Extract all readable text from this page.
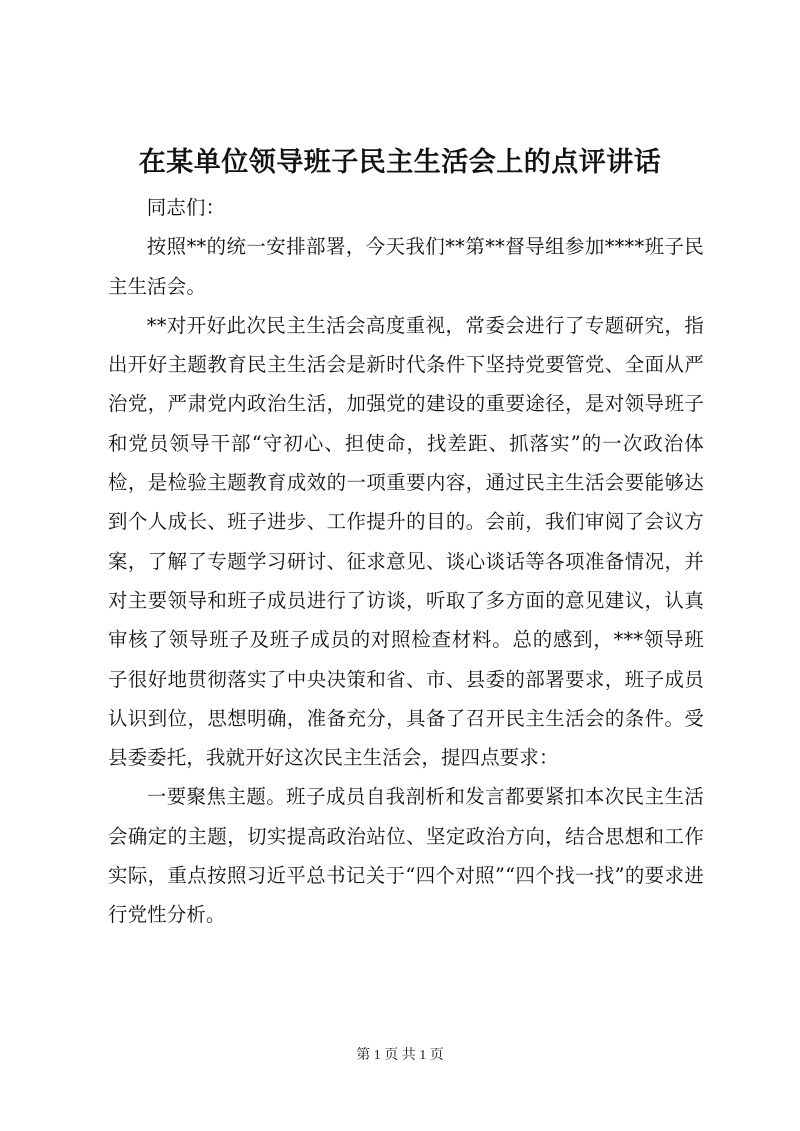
在某单位领导班子民主生活会上的点评讲话

同志们：

按照**的统一安排部署，今天我们**第**督导组参加****班子民主生活会。

**对开好此次民主生活会高度重视，常委会进行了专题研究，指出开好主题教育民主生活会是新时代条件下坚持党要管党、全面从严治党，严肃党内政治生活，加强党的建设的重要途径，是对领导班子和党员领导干部“守初心、担使命，找差距、抓落实”的一次政治体检，是检验主题教育成效的一项重要内容，通过民主生活会要能够达到个人成长、班子进步、工作提升的目的。会前，我们审阅了会议方案，了解了专题学习研讨、征求意见、谈心谈话等各项准备情况，并对主要领导和班子成员进行了访谈，听取了多方面的意见建议，认真审核了领导班子及班子成员的对照检查材料。总的感到，***领导班子很好地贯彻落实了中央决策和省、市、县委的部署要求，班子成员认识到位，思想明确，准备充分，具备了召开民主生活会的条件。受县委委托，我就开好这次民主生活会，提四点要求：

一要聚焦主题。班子成员自我剖析和发言都要紧扣本次民主生活会确定的主题，切实提高政治站位、坚定政治方向，结合思想和工作实际，重点按照习近平总书记关于“四个对照”“四个找一找”的要求进行党性分析。

第 1 页 共 1 页
